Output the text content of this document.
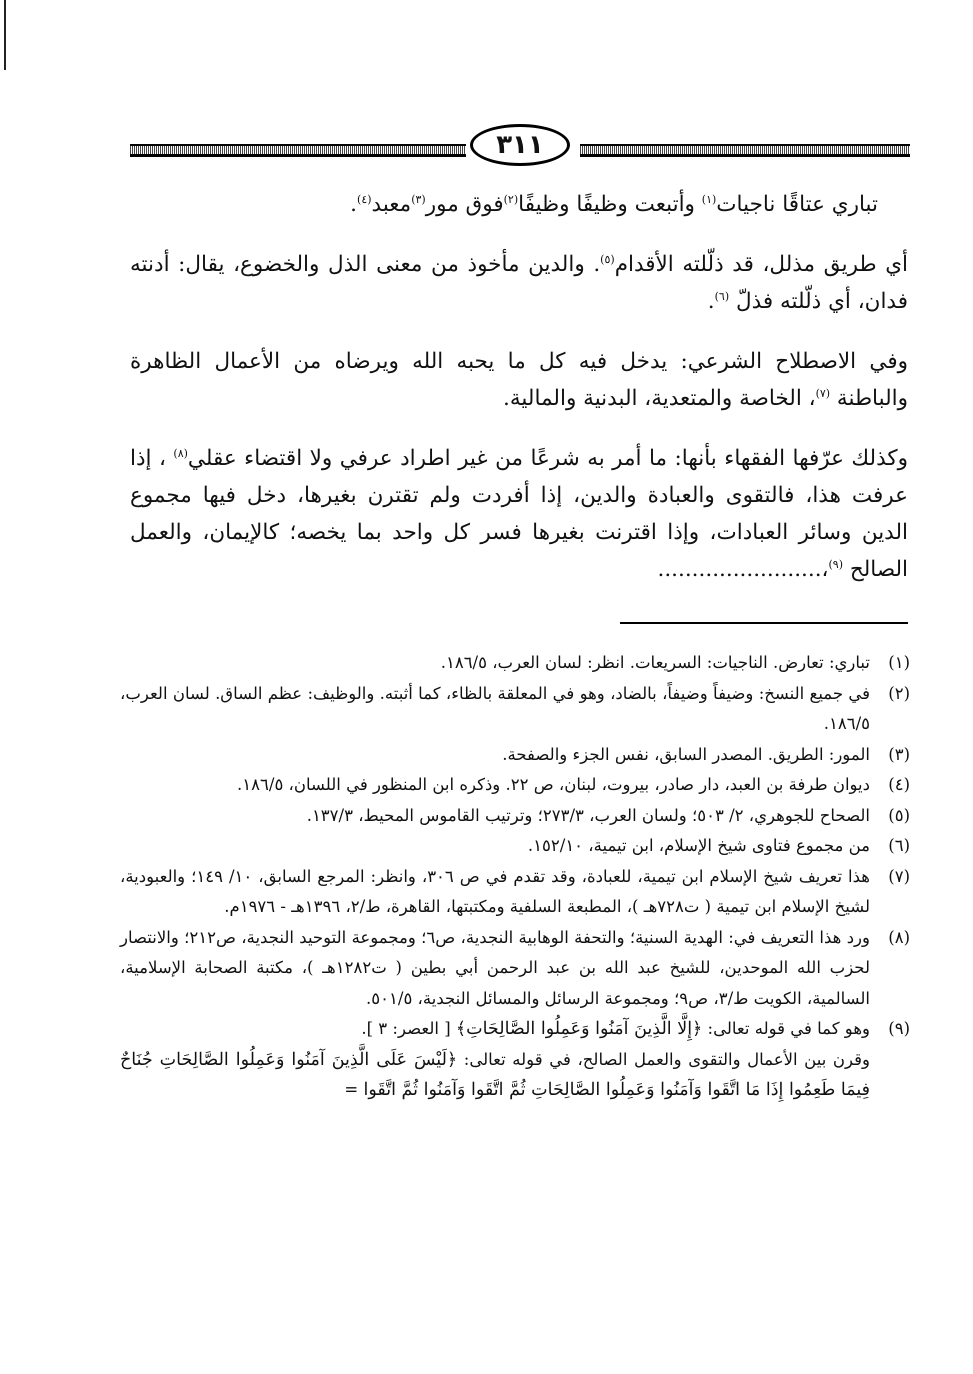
٣١١
تباري عتاقًا ناجيات$^{(١)}$ وأتبعت وظيفًا وظيفًا$^{(٢)}$فوق مور$^{(٣)}$معبد$^{(٤)}$.
أي طريق مذلل، قد ذلّلته الأقدام$^{(٥)}$. والدين مأخوذ من معنى الذل والخضوع، يقال: أدنته فدان، أي ذلّلته فذلّ $^{(٦)}$.
وفي الاصطلاح الشرعي: يدخل فيه كل ما يحبه الله ويرضاه من الأعمال الظاهرة والباطنة $^{(٧)}$، الخاصة والمتعدية، البدنية والمالية.
وكذلك عرّفها الفقهاء بأنها: ما أمر به شرعًا من غير اطراد عرفي ولا اقتضاء عقلي$^{(٨)}$ ، إذا عرفت هذا، فالتقوى والعبادة والدين، إذا أفردت ولم تقترن بغيرها، دخل فيها مجموع الدين وسائر العبادات، وإذا اقترنت بغيرها فسر كل واحد بما يخصه؛ كالإيمان، والعمل الصالح $^{(٩)}$،........................
(١)
تباري: تعارض. الناجيات: السريعات. انظر: لسان العرب، ١٨٦/٥.
(٢)
في جميع النسخ: وضيفاً وضيفاً، بالضاد، وهو في المعلقة بالظاء، كما أثبته. والوظيف: عظم الساق. لسان العرب، ١٨٦/٥.
(٣)
المور: الطريق. المصدر السابق، نفس الجزء والصفحة.
(٤)
ديوان طرفة بن العبد، دار صادر، بيروت، لبنان، ص ٢٢. وذكره ابن المنظور في اللسان، ١٨٦/٥.
(٥)
الصحاح للجوهري، ٢/ ٥٠٣؛ ولسان العرب، ٢٧٣/٣؛ وترتيب القاموس المحيط، ١٣٧/٣.
(٦)
من مجموع فتاوى شيخ الإسلام، ابن تيمية، ١٥٢/١٠.
(٧)
هذا تعريف شيخ الإسلام ابن تيمية، للعبادة، وقد تقدم في ص ٣٠٦، وانظر: المرجع السابق، ١٠/ ١٤٩؛ والعبودية، لشيخ الإسلام ابن تيمية ( ت٧٢٨هـ )، المطبعة السلفية ومكتبتها، القاهرة، ط/٢، ١٣٩٦هـ - ١٩٧٦م.
(٨)
ورد هذا التعريف في: الهدية السنية؛ والتحفة الوهابية النجدية، ص٦؛ ومجموعة التوحيد النجدية، ص٢١٢؛ والانتصار لحزب الله الموحدين، للشيخ عبد الله بن عبد الرحمن أبي بطين ( ت١٢٨٢هـ )، مكتبة الصحابة الإسلامية، السالمية، الكويت ط/٣، ص٩؛ ومجموعة الرسائل والمسائل النجدية، ٥٠١/٥.
(٩)
وهو كما في قوله تعالى: ﴿إِلَّا الَّذِينَ آمَنُوا وَعَمِلُوا الصَّالِحَاتِ﴾ [ العصر: ٣ ].
وقرن بين الأعمال والتقوى والعمل الصالح، في قوله تعالى: ﴿لَيْسَ عَلَى الَّذِينَ آمَنُوا وَعَمِلُوا الصَّالِحَاتِ جُنَاحٌ فِيمَا طَعِمُوا إِذَا مَا اتَّقَوا وَآمَنُوا وَعَمِلُوا الصَّالِحَاتِ ثُمَّ اتَّقَوا وَآمَنُوا ثُمَّ اتَّقَوا =
